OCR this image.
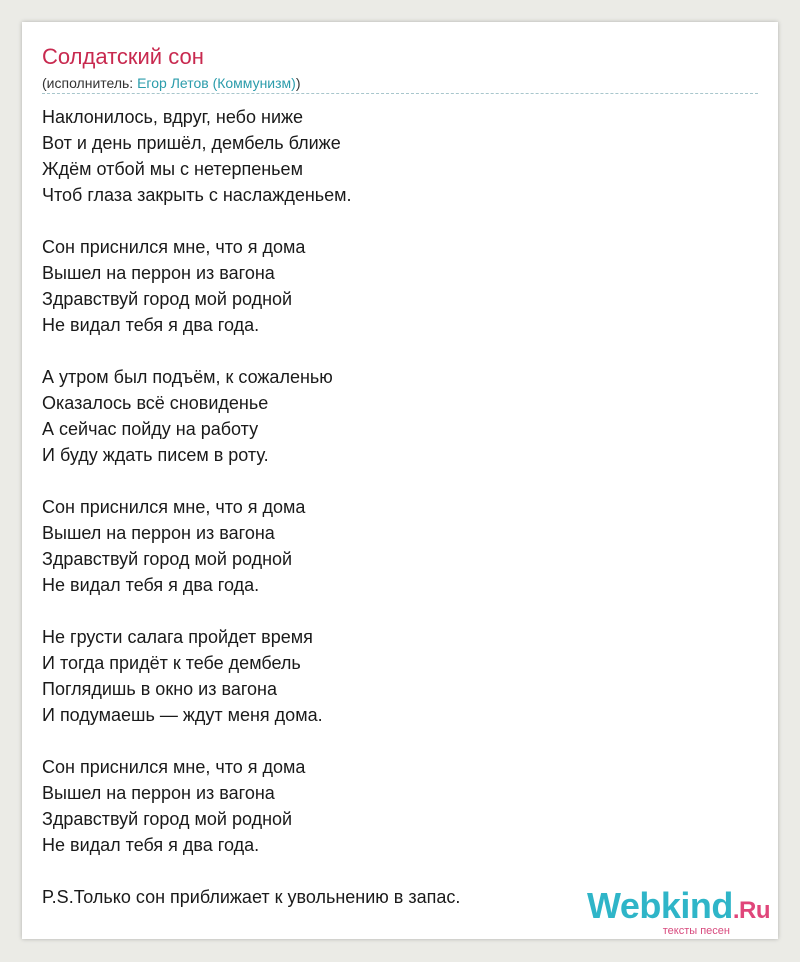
Солдатский сон
(исполнитель: Егор Летов (Коммунизм))
Наклонилось, вдруг, небо ниже
Вот и день пришёл, дембель ближе
Ждём отбой мы с нетерпеньем
Чтоб глаза закрыть с наслажденьем.
Сон приснился мне, что я дома
Вышел на перрон из вагона
Здравствуй город мой родной
Не видал тебя я два года.
А утром был подъём, к сожаленью
Оказалось всё сновиденье
А сейчас пойду на работу
И буду ждать писем в роту.
Сон приснился мне, что я дома
Вышел на перрон из вагона
Здравствуй город мой родной
Не видал тебя я два года.
Не грусти салага пройдет время
И тогда придёт к тебе дембель
Поглядишь в окно из вагона
И подумаешь — ждут меня дома.
Сон приснился мне, что я дома
Вышел на перрон из вагона
Здравствуй город мой родной
Не видал тебя я два года.
P.S.Только сон приближает к увольнению в запас.	Webkind.Ru
тексты песен
